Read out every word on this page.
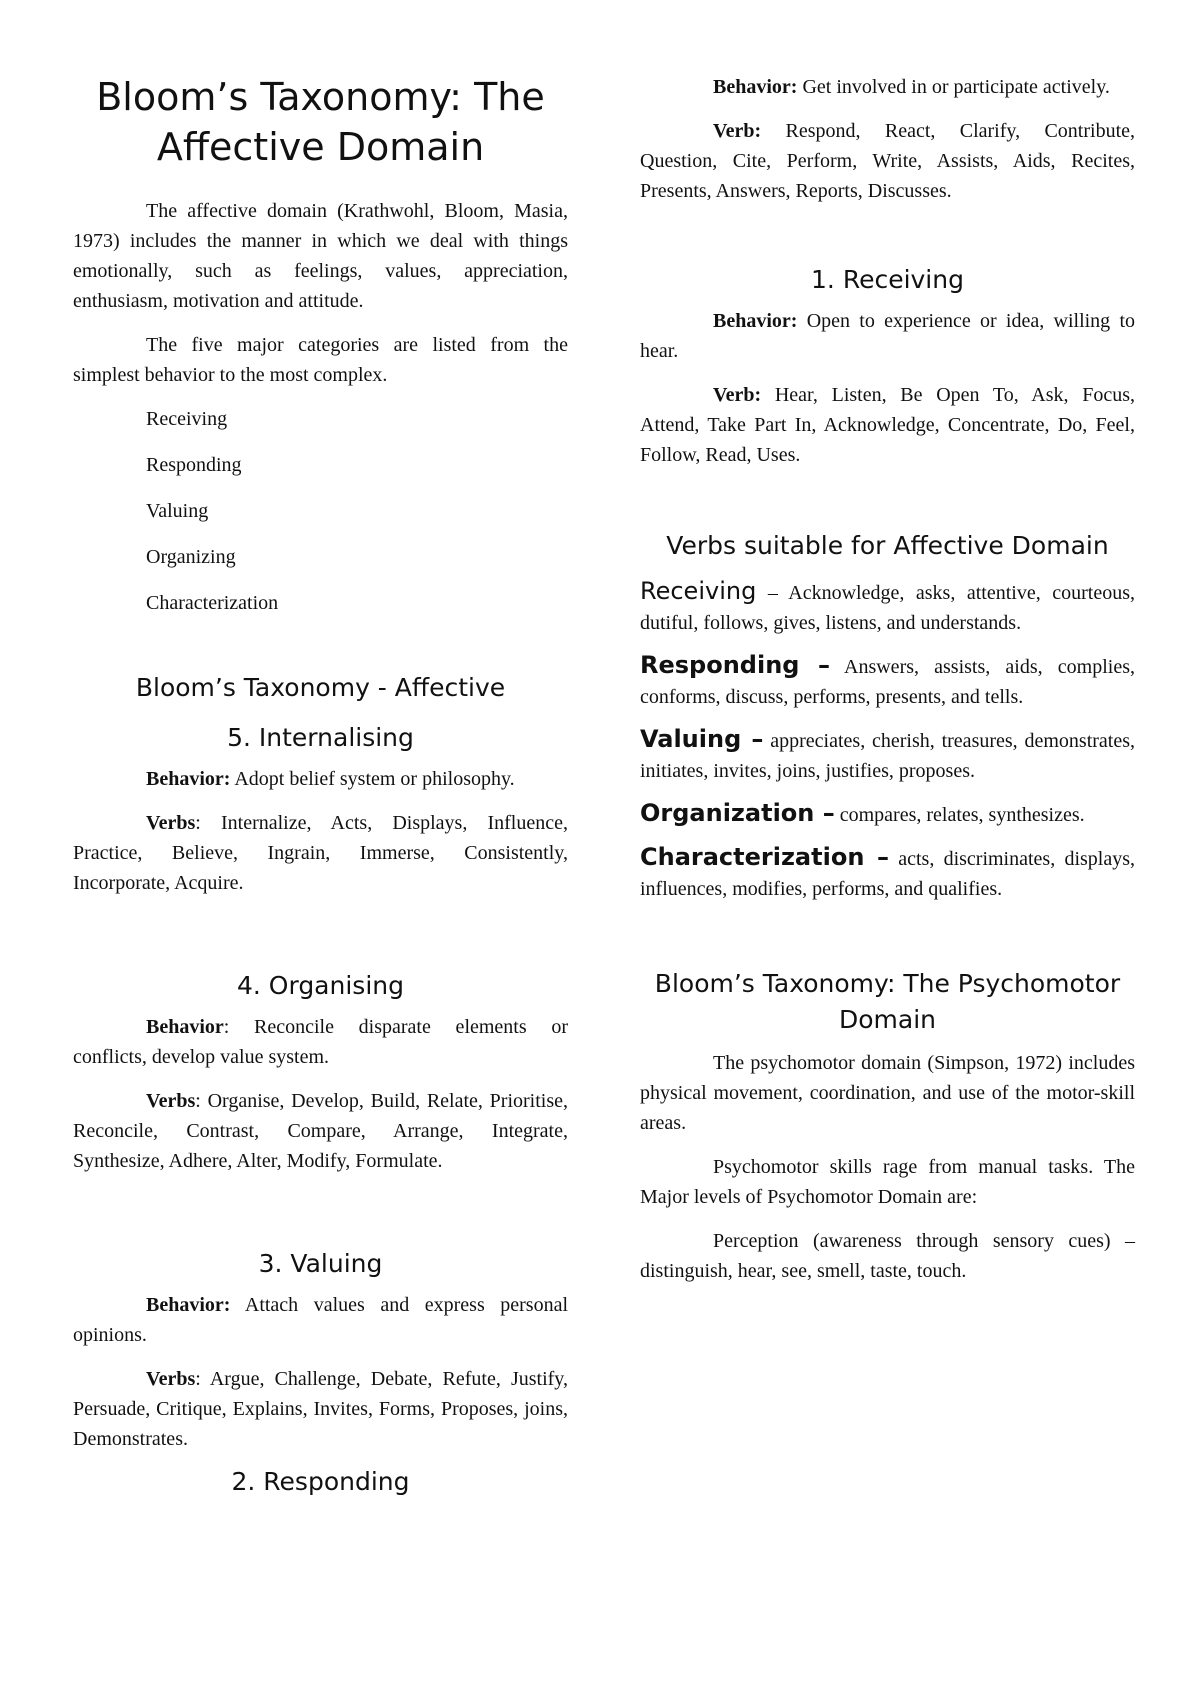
Bloom’s Taxonomy: The Affective Domain

The affective domain (Krathwohl, Bloom, Masia, 1973) includes the manner in which we deal with things emotionally, such as feelings, values, appreciation, enthusiasm, motivation and attitude.

The five major categories are listed from the simplest behavior to the most complex.

Receiving

Responding

Valuing

Organizing

Characterization

Bloom’s Taxonomy - Affective
5. Internalising

Behavior: Adopt belief system or philosophy.

Verbs: Internalize, Acts, Displays, Influence, Practice, Believe, Ingrain, Immerse, Consistently, Incorporate, Acquire.

4. Organising

Behavior: Reconcile disparate elements or conflicts, develop value system.

Verbs: Organise, Develop, Build, Relate, Prioritise, Reconcile, Contrast, Compare, Arrange, Integrate, Synthesize, Adhere, Alter, Modify, Formulate.

3. Valuing

Behavior: Attach values and express personal opinions.

Verbs: Argue, Challenge, Debate, Refute, Justify, Persuade, Critique, Explains, Invites, Forms, Proposes, joins, Demonstrates.

2. Responding

Behavior: Get involved in or participate actively.

Verb: Respond, React, Clarify, Contribute, Question, Cite, Perform, Write, Assists, Aids, Recites, Presents, Answers, Reports, Discusses.

1. Receiving

Behavior: Open to experience or idea, willing to hear.

Verb: Hear, Listen, Be Open To, Ask, Focus, Attend, Take Part In, Acknowledge, Concentrate, Do, Feel, Follow, Read, Uses.

Verbs suitable for Affective Domain

Receiving – Acknowledge, asks, attentive, courteous, dutiful, follows, gives, listens, and understands.

Responding – Answers, assists, aids, complies, conforms, discuss, performs, presents, and tells.

Valuing – appreciates, cherish, treasures, demonstrates, initiates, invites, joins, justifies, proposes.

Organization – compares, relates, synthesizes.

Characterization – acts, discriminates, displays, influences, modifies, performs, and qualifies.

Bloom’s Taxonomy: The Psychomotor Domain

The psychomotor domain (Simpson, 1972) includes physical movement, coordination, and use of the motor-skill areas.

Psychomotor skills rage from manual tasks. The Major levels of Psychomotor Domain are:

Perception (awareness through sensory cues) – distinguish, hear, see, smell, taste, touch.
